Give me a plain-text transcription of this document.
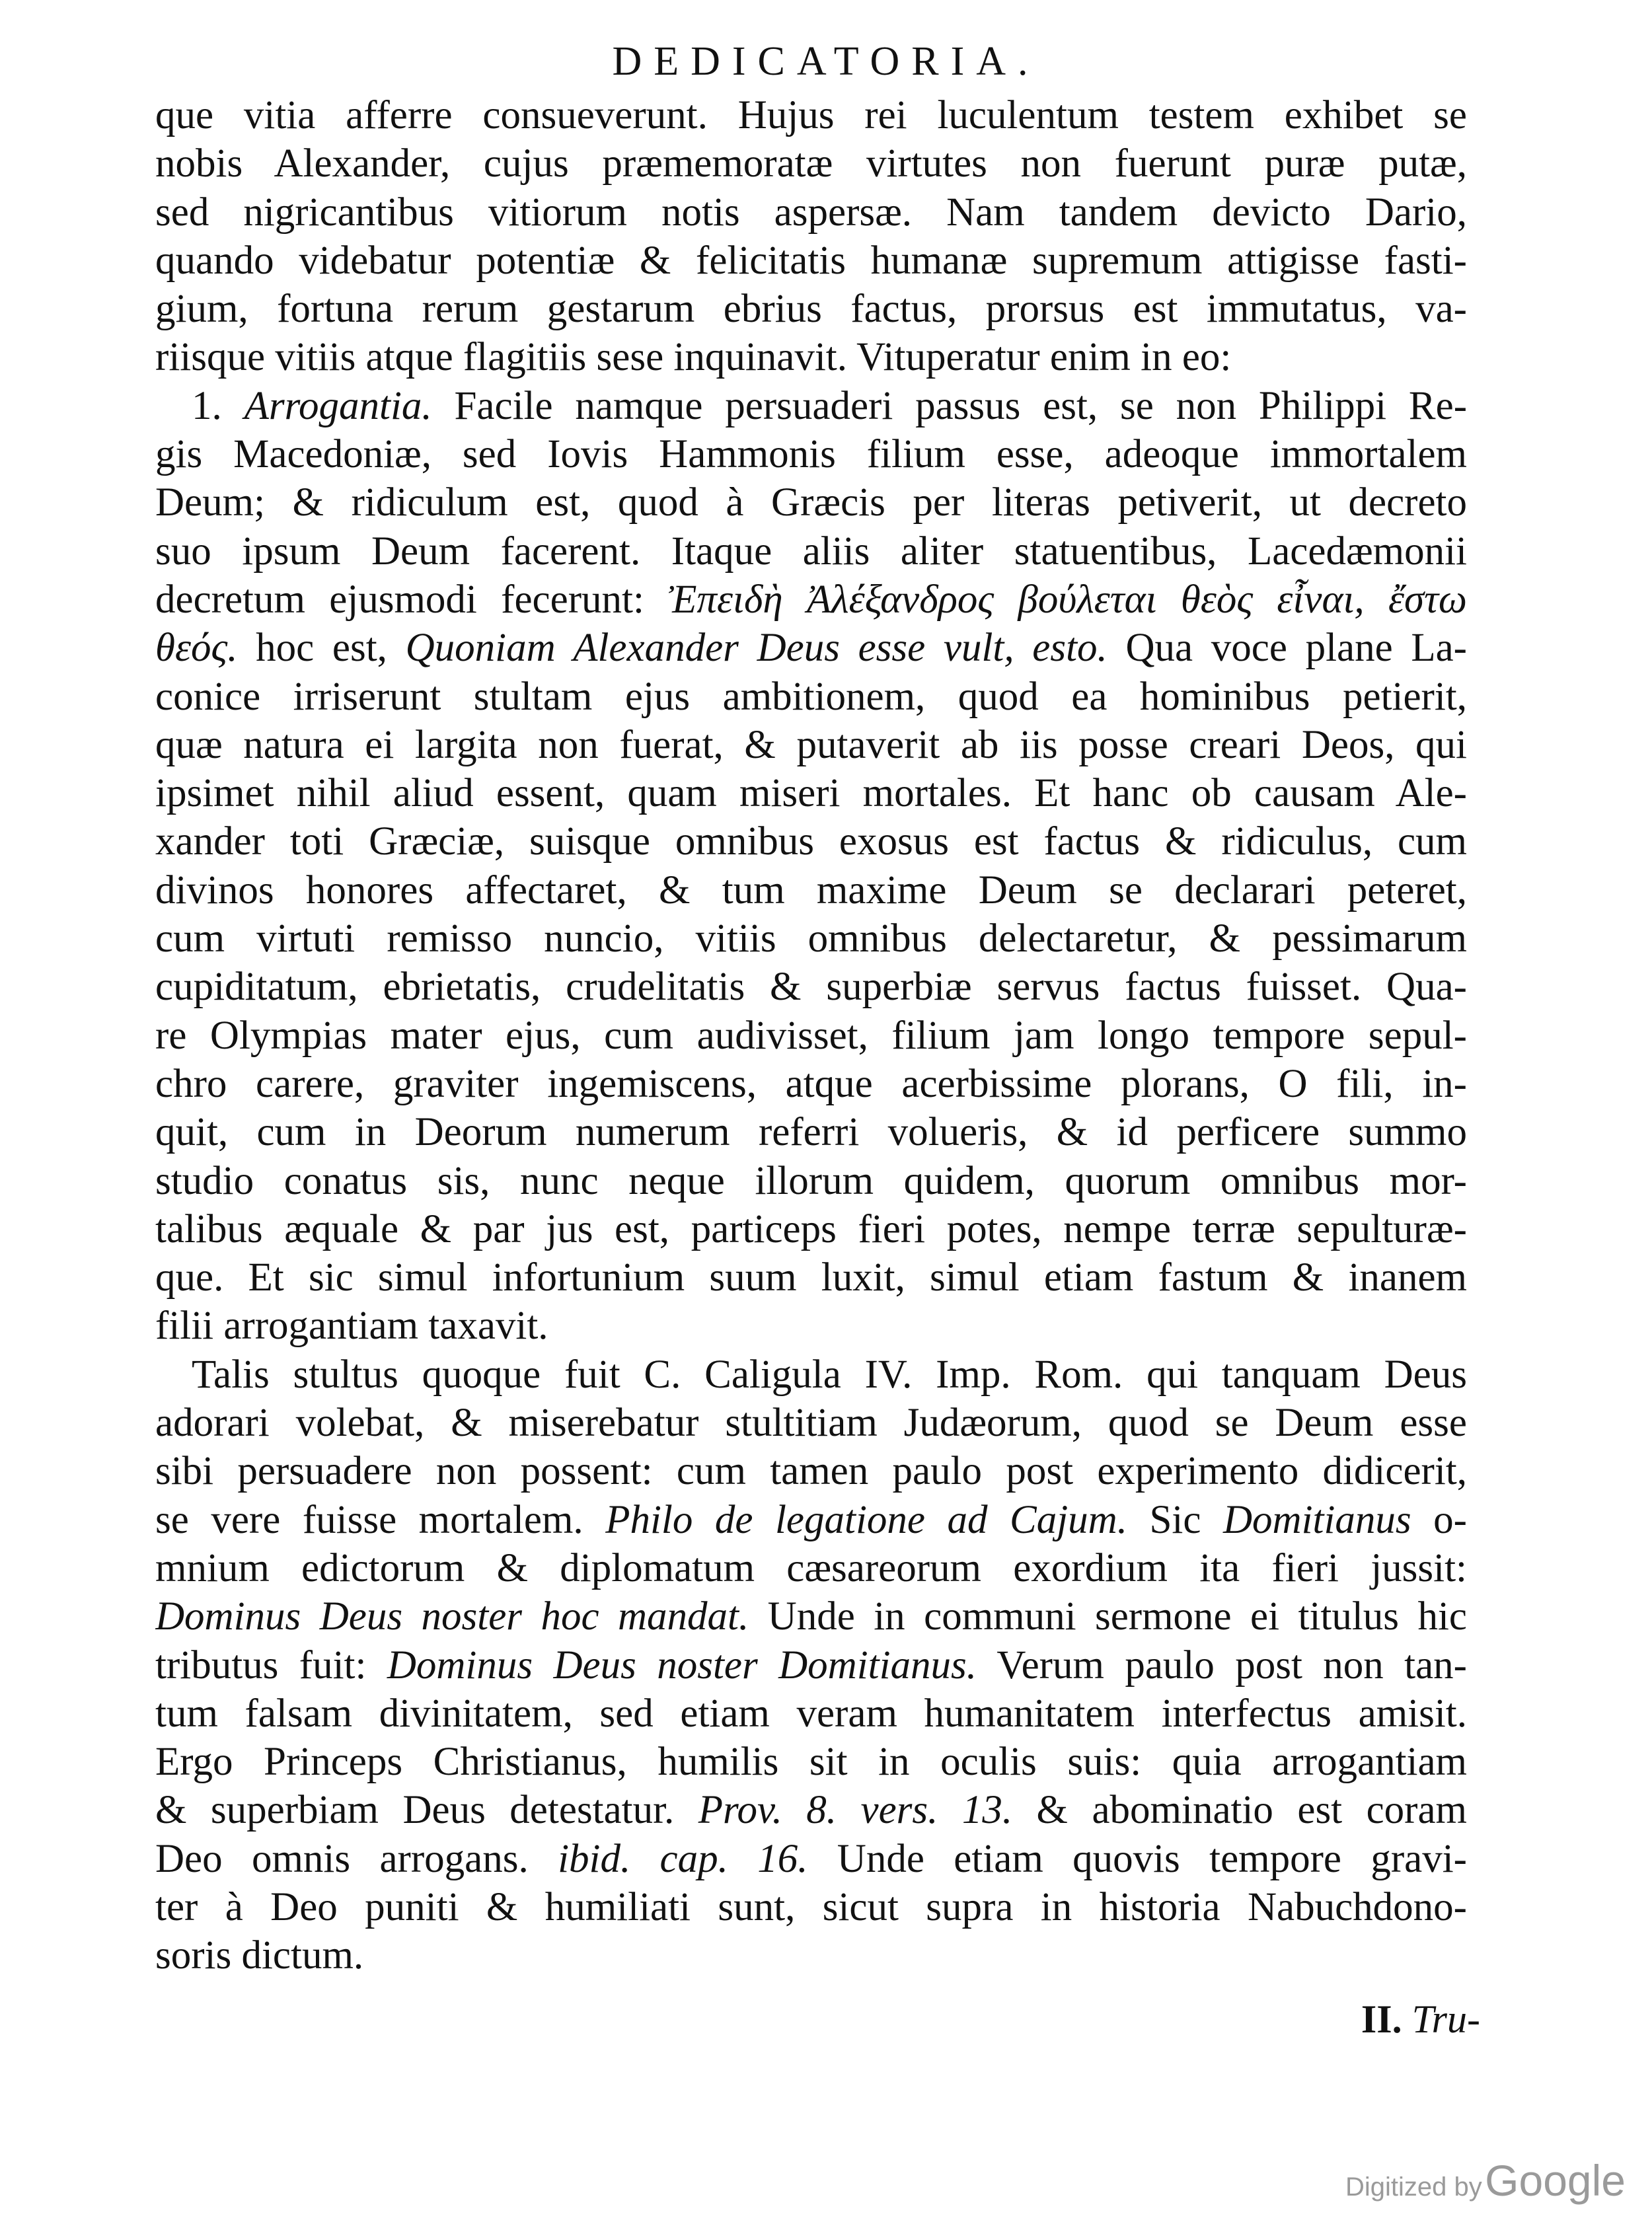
DEDICATORIA.
que vitia afferre consueverunt. Hujus rei luculentum testem exhibet se
nobis Alexander, cujus præmemoratæ virtutes non fuerunt puræ putæ,
sed nigricantibus vitiorum notis aspersæ. Nam tandem devicto Dario,
quando videbatur potentiæ & felicitatis humanæ supremum attigisse fasti-
gium, fortuna rerum gestarum ebrius factus, prorsus est immutatus, va-
riisque vitiis atque flagitiis sese inquinavit. Vituperatur enim in eo:
1. Arrogantia. Facile namque persuaderi passus est, se non Philippi Re-
gis Macedoniæ, sed Iovis Hammonis filium esse, adeoque immortalem
Deum; & ridiculum est, quod à Græcis per literas petiverit, ut decreto
suo ipsum Deum facerent. Itaque aliis aliter statuentibus, Lacedæmonii
decretum ejusmodi fecerunt: Ἐπειδὴ Ἀλέξανδρος βούλεται θεὸς εἶναι, ἔστω
θεός. hoc est, Quoniam Alexander Deus esse vult, esto. Qua voce plane La-
conice irriserunt stultam ejus ambitionem, quod ea hominibus petierit,
quæ natura ei largita non fuerat, & putaverit ab iis posse creari Deos, qui
ipsimet nihil aliud essent, quam miseri mortales. Et hanc ob causam Ale-
xander toti Græciæ, suisque omnibus exosus est factus & ridiculus, cum
divinos honores affectaret, & tum maxime Deum se declarari peteret,
cum virtuti remisso nuncio, vitiis omnibus delectaretur, & pessimarum
cupiditatum, ebrietatis, crudelitatis & superbiæ servus factus fuisset. Qua-
re Olympias mater ejus, cum audivisset, filium jam longo tempore sepul-
chro carere, graviter ingemiscens, atque acerbissime plorans, O fili, in-
quit, cum in Deorum numerum referri volueris, & id perficere summo
studio conatus sis, nunc neque illorum quidem, quorum omnibus mor-
talibus æquale & par jus est, particeps fieri potes, nempe terræ sepulturæ-
que. Et sic simul infortunium suum luxit, simul etiam fastum & inanem
filii arrogantiam taxavit.
Talis stultus quoque fuit C. Caligula IV. Imp. Rom. qui tanquam Deus
adorari volebat, & miserebatur stultitiam Judæorum, quod se Deum esse
sibi persuadere non possent: cum tamen paulo post experimento didicerit,
se vere fuisse mortalem. Philo de legatione ad Cajum. Sic Domitianus o-
mnium edictorum & diplomatum cæsareorum exordium ita fieri jussit:
Dominus Deus noster hoc mandat. Unde in communi sermone ei titulus hic
tributus fuit: Dominus Deus noster Domitianus. Verum paulo post non tan-
tum falsam divinitatem, sed etiam veram humanitatem interfectus amisit.
Ergo Princeps Christianus, humilis sit in oculis suis: quia arrogantiam
& superbiam Deus detestatur. Prov. 8. vers. 13. & abominatio est coram
Deo omnis arrogans. ibid. cap. 16. Unde etiam quovis tempore gravi-
ter à Deo puniti & humiliati sunt, sicut supra in historia Nabuchdono-
soris dictum.
II. Tru-
Digitized by Google
